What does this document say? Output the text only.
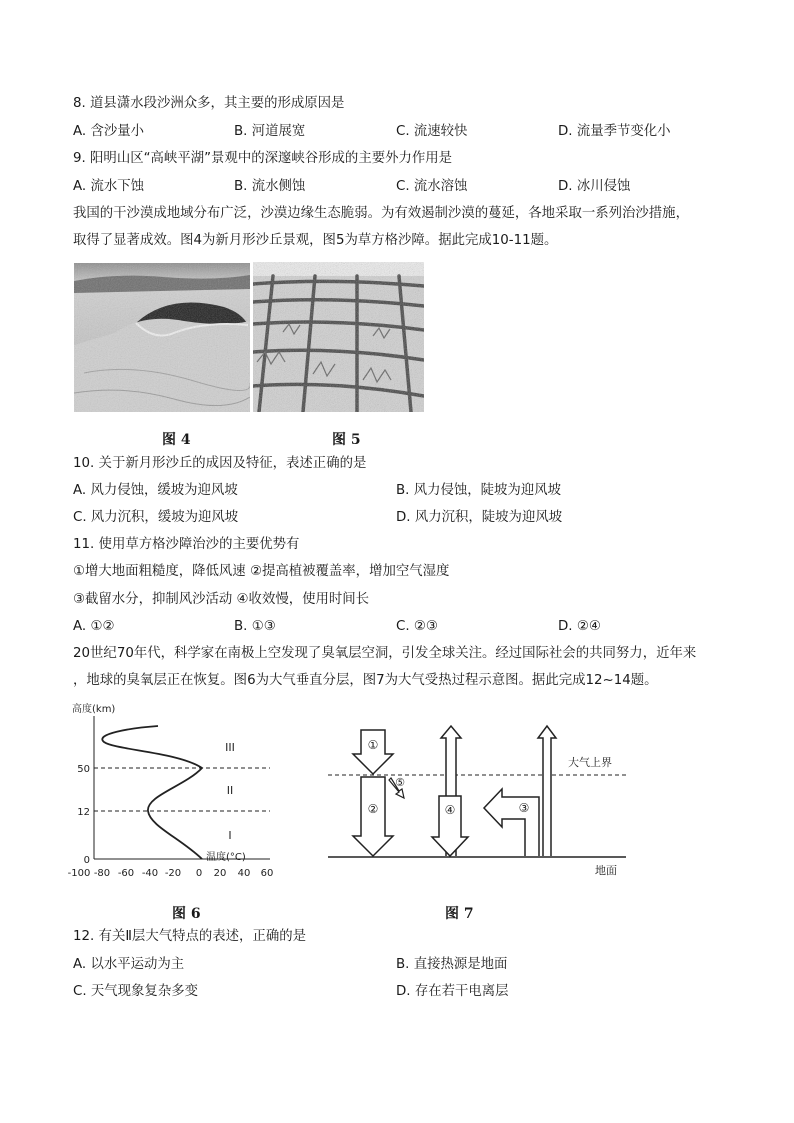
8. 道县潇水段沙洲众多，其主要的形成原因是
A. 含沙量小	B. 河道展宽	C. 流速较快	D. 流量季节变化小
9. 阳明山区“高峡平湖”景观中的深邃峡谷形成的主要外力作用是
A. 流水下蚀	B. 流水侧蚀	C. 流水溶蚀	D. 冰川侵蚀
我国的干沙漠成地域分布广泛，沙漠边缘生态脆弱。为有效遏制沙漠的蔓延，各地采取一系列治沙措施，
取得了显著成效。图4为新月形沙丘景观，图5为草方格沙障。据此完成10-11题。
图 4	图 5
10. 关于新月形沙丘的成因及特征，表述正确的是
A. 风力侵蚀，缓坡为迎风坡	B. 风力侵蚀，陡坡为迎风坡
C. 风力沉积，缓坡为迎风坡	D. 风力沉积，陡坡为迎风坡
11. 使用草方格沙障治沙的主要优势有
①增大地面粗糙度，降低风速 ②提高植被覆盖率，增加空气湿度
③截留水分，抑制风沙活动 ④收效慢，使用时间长
A. ①②	B. ①③	C. ②③	D. ②④
20世纪70年代，科学家在南极上空发现了臭氧层空洞，引发全球关注。经过国际社会的共同努力，近年来
，地球的臭氧层正在恢复。图6为大气垂直分层，图7为大气受热过程示意图。据此完成12~14题。
高度(km)
50
12
0
-100 -80 -60 -40 -20 0 20 40 60
III
II
I
温度(°C)
大气上界
地面
①
②
⑤
④	③
图 6	图 7
12. 有关Ⅱ层大气特点的表述，正确的是
A. 以水平运动为主	B. 直接热源是地面
C. 天气现象复杂多变	D. 存在若干电离层
